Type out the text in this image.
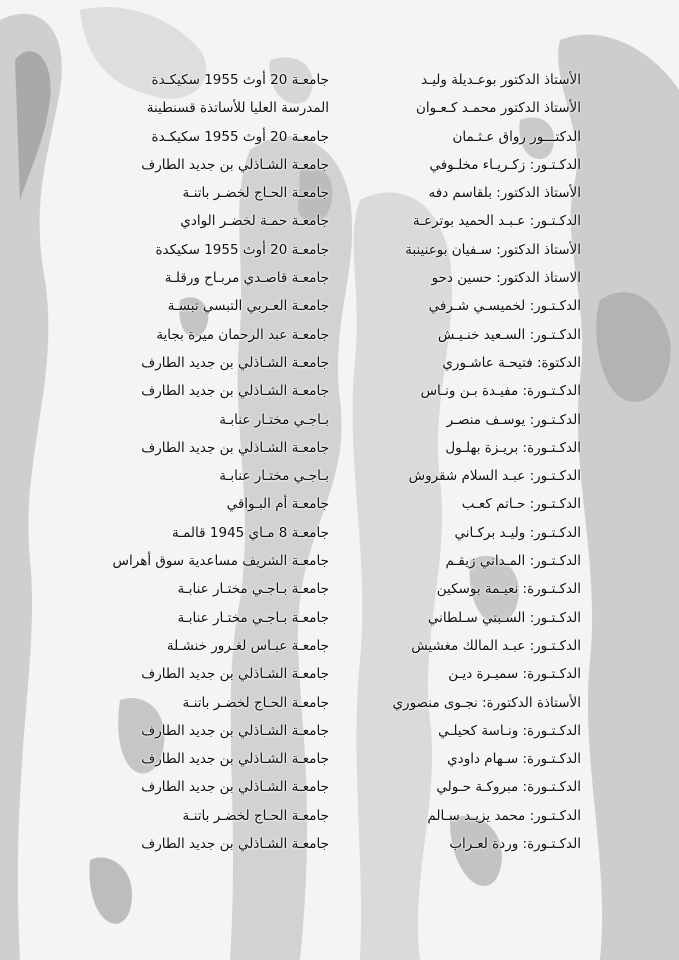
الأستاذ الدكتور بوعـديلة وليـد
الأستاذ الدكتور محمـد كـعـوان
الدكتـــور رواق عـثـمان
الدكـتـور: زكـريـاء مخلـوفي
الأستاذ الدكتور: بلقاسم دفه
الدكـتـور: عـبـد الحميد بوترعـة
الأستاذ الدكتور: سـفيان بوعنينبة
الاستاذ الدكتور: حسين دحو
الدكـتـور: لخميسـي شـرفي
الدكـتـور: السـعيد خنـيـش
الدكتوة: فتيحـة عاشـوري
الدكـتـورة: مفيـدة بـن ونـاس
الدكـتـور: يوسـف منصـر
الدكـتـورة: بريـزة بهلـول
الدكـتـور: عبـد السلام شقروش
الدكـتـور: حـاتم كعـب
الدكـتـور: وليـد بركـاني
الدكـتـور: المـداني زيقـم
الدكـتـورة: نعيـمة بوسكين
الدكـتـور: السـبتي سـلطاني
الدكـتـور: عبـد المالك مغشيش
الدكـتـورة: سميـرة ديـن
الأستاذة الدكتورة: نجـوى منصوري
الدكـتـورة: ونـاسة كحيلـي
الدكـتـورة: سـهام داودي
الدكـتـورة: مبروكـة حـولي
الدكـتـور: محمد يزيـد سـالم
الدكـتـورة: وردة لعـراب
جامعـة 20 أوث 1955 سكيكـدة
المدرسة العليا للأساتذة قسنطينة
جامعـة 20 أوث 1955 سكيكـدة
جامعـة الشـاذلي بن جديد الطارف
جامعـة الحـاج لخضـر باتنـة
جامعـة حمـة لخضـر الوادي
جامعـة 20 أوث 1955 سكيكدة
جامعـة قاصـدي مربـاح ورقلـة
جامعـة العـربي التبسي تبسـة
جامعـة عبد الرحمان ميرة بجاية
جامعـة الشـاذلي بن جديد الطارف
جامعـة الشـاذلي بن جديد الطارف
بـاجـي مختـار عنابـة
جامعـة الشـاذلي بن جديد الطارف
بـاجـي مختـار عنابـة
جامعـة أم البـواقي
جامعـة 8 مـاي 1945 قالمـة
جامعـة الشريف مساعدية سوق أهراس
جامعـة بـاجـي مختـار عنابـة
جامعـة بـاجـي مختـار عنابـة
جامعـة عبـاس لغـرور خنشـلة
جامعـة الشـاذلي بن جديد الطارف
جامعـة الحـاج لخضـر باتنـة
جامعـة الشـاذلي بن جديد الطارف
جامعـة الشـاذلي بن جديد الطارف
جامعـة الشـاذلي بن جديد الطارف
جامعـة الحـاج لخضـر باتنـة
جامعـة الشـاذلي بن جديد الطارف
